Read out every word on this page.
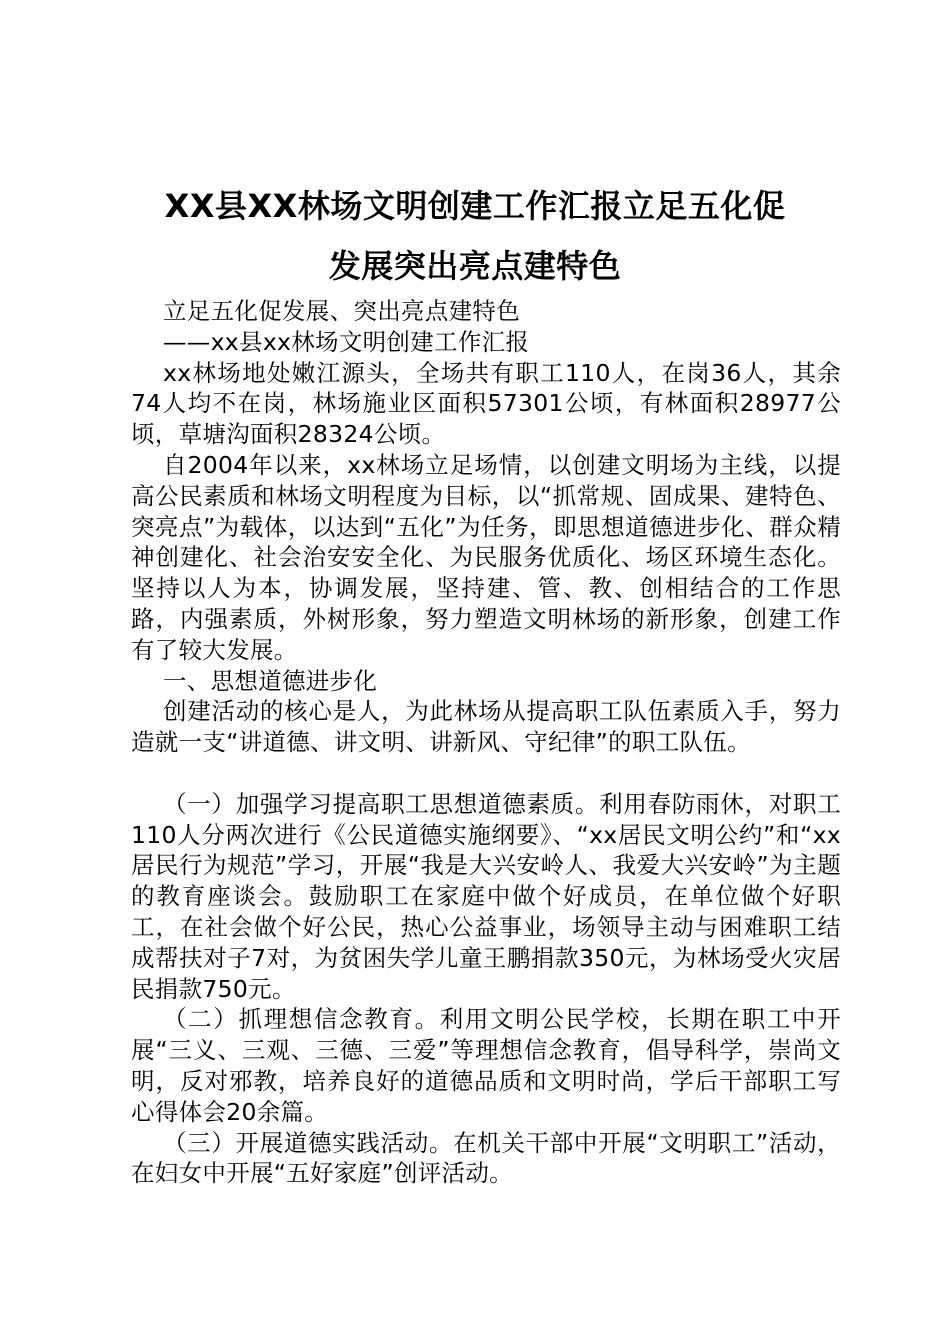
XX县XX林场文明创建工作汇报立足五化促
发展突出亮点建特色

立足五化促发展、突出亮点建特色

——xx县xx林场文明创建工作汇报

xx林场地处嫩江源头，全场共有职工110人，在岗36人，其余74人均不在岗，林场施业区面积57301公顷，有林面积28977公顷，草塘沟面积28324公顷。

自2004年以来，xx林场立足场情，以创建文明场为主线，以提高公民素质和林场文明程度为目标，以“抓常规、固成果、建特色、突亮点”为载体，以达到“五化”为任务，即思想道德进步化、群众精神创建化、社会治安安全化、为民服务优质化、场区环境生态化。坚持以人为本，协调发展，坚持建、管、教、创相结合的工作思路，内强素质，外树形象，努力塑造文明林场的新形象，创建工作有了较大发展。

一、思想道德进步化

创建活动的核心是人，为此林场从提高职工队伍素质入手，努力造就一支“讲道德、讲文明、讲新风、守纪律”的职工队伍。

（一）加强学习提高职工思想道德素质。利用春防雨休，对职工110人分两次进行《公民道德实施纲要》、“xx居民文明公约”和“xx居民行为规范”学习，开展“我是大兴安岭人、我爱大兴安岭”为主题的教育座谈会。鼓励职工在家庭中做个好成员，在单位做个好职工，在社会做个好公民，热心公益事业，场领导主动与困难职工结成帮扶对子7对，为贫困失学儿童王鹏捐款350元，为林场受火灾居民捐款750元。

（二）抓理想信念教育。利用文明公民学校，长期在职工中开展“三义、三观、三德、三爱”等理想信念教育，倡导科学，崇尚文明，反对邪教，培养良好的道德品质和文明时尚，学后干部职工写心得体会20余篇。

（三）开展道德实践活动。在机关干部中开展“文明职工”活动，在妇女中开展“五好家庭”创评活动。
